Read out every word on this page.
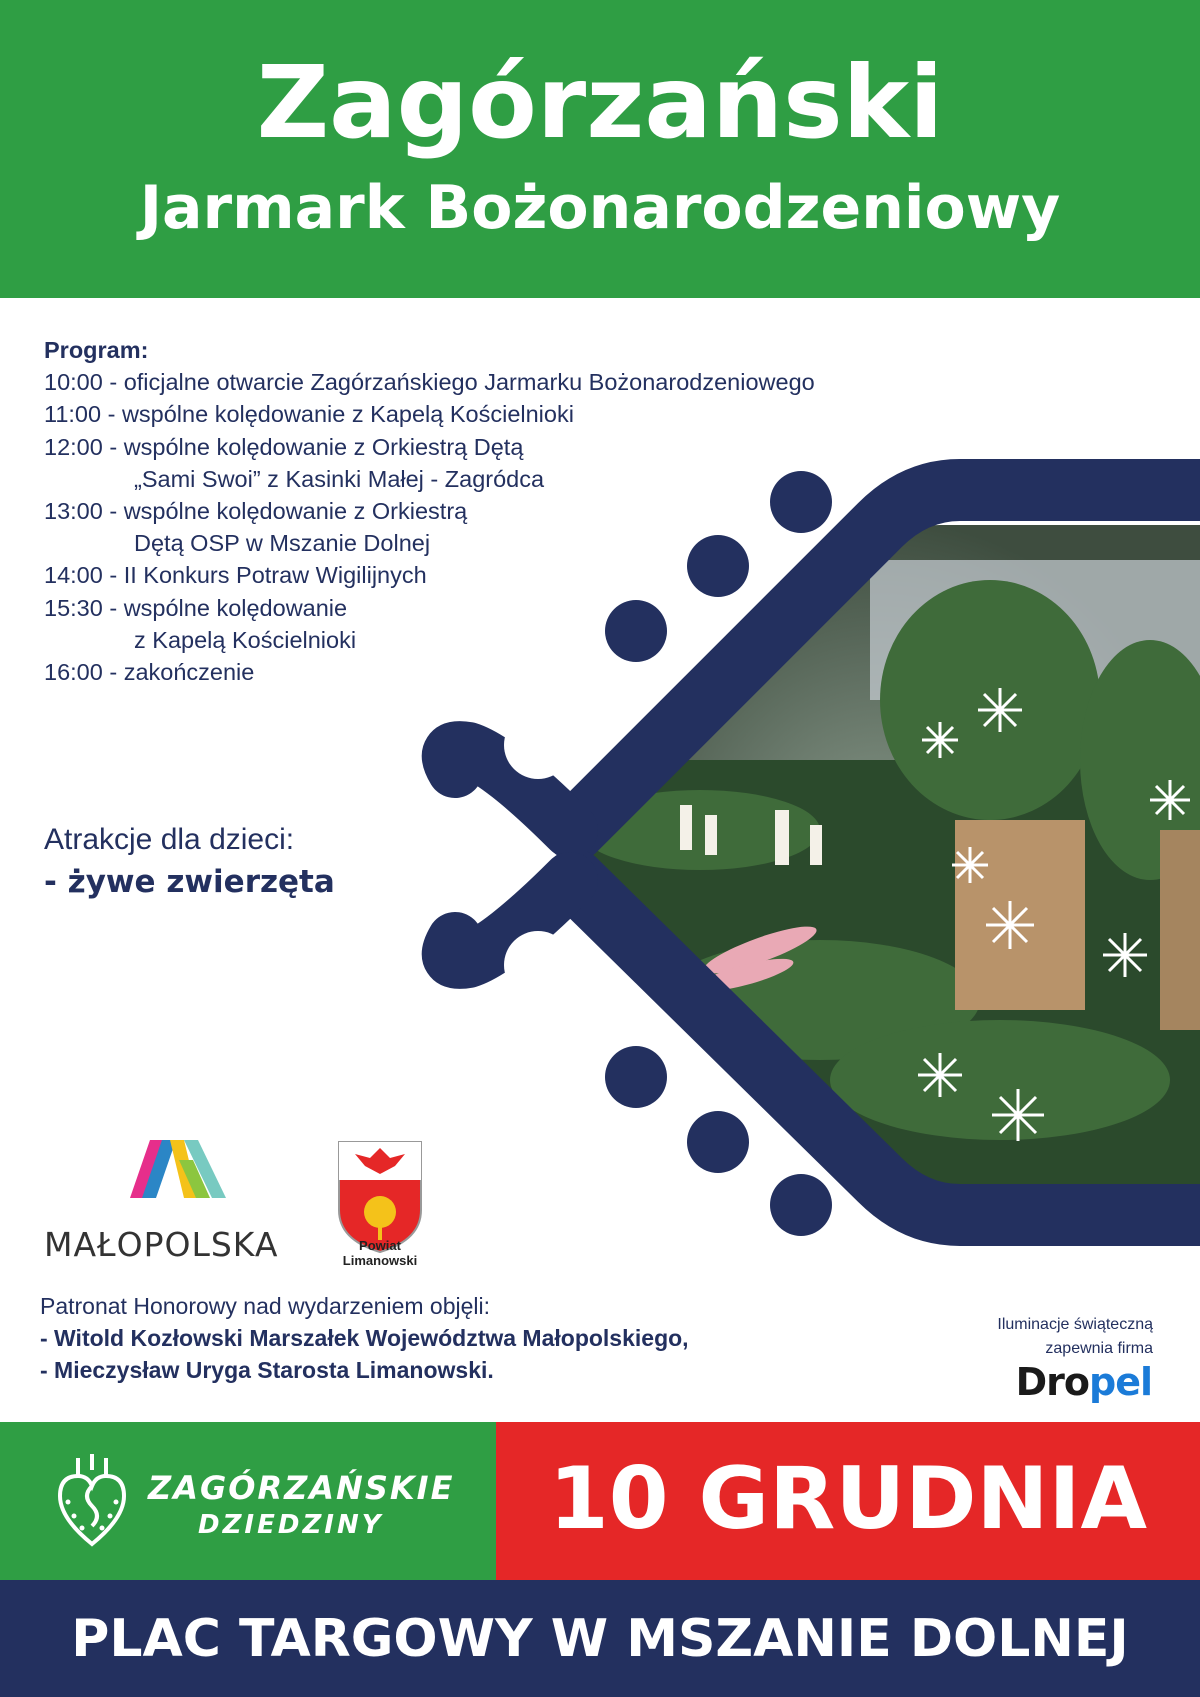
Zagórzański
Jarmark Bożonarodzeniowy
Program:
10:00 - oficjalne otwarcie Zagórzańskiego Jarmarku Bożonarodzeniowego
11:00 - wspólne kolędowanie z Kapelą Kościelnioki
12:00 - wspólne kolędowanie z Orkiestrą Dętą
„Sami Swoi” z Kasinki Małej - Zagródca
13:00 - wspólne kolędowanie z Orkiestrą
Dętą OSP w Mszanie Dolnej
14:00 - II Konkurs Potraw Wigilijnych
15:30 - wspólne kolędowanie
z Kapelą Kościelnioki
16:00 - zakończenie
Atrakcje dla dzieci:
- żywe zwierzęta
MAŁOPOLSKA	Powiat
Limanowski
Patronat Honorowy nad wydarzeniem objęli:
- Witold Kozłowski Marszałek Województwa Małopolskiego,
- Mieczysław Uryga Starosta Limanowski.
Iluminacje świąteczną
zapewnia firma
Dropel
ZAGÓRZAŃSKIE
DZIEDZINY	10 GRUDNIA
PLAC TARGOWY W MSZANIE DOLNEJ
